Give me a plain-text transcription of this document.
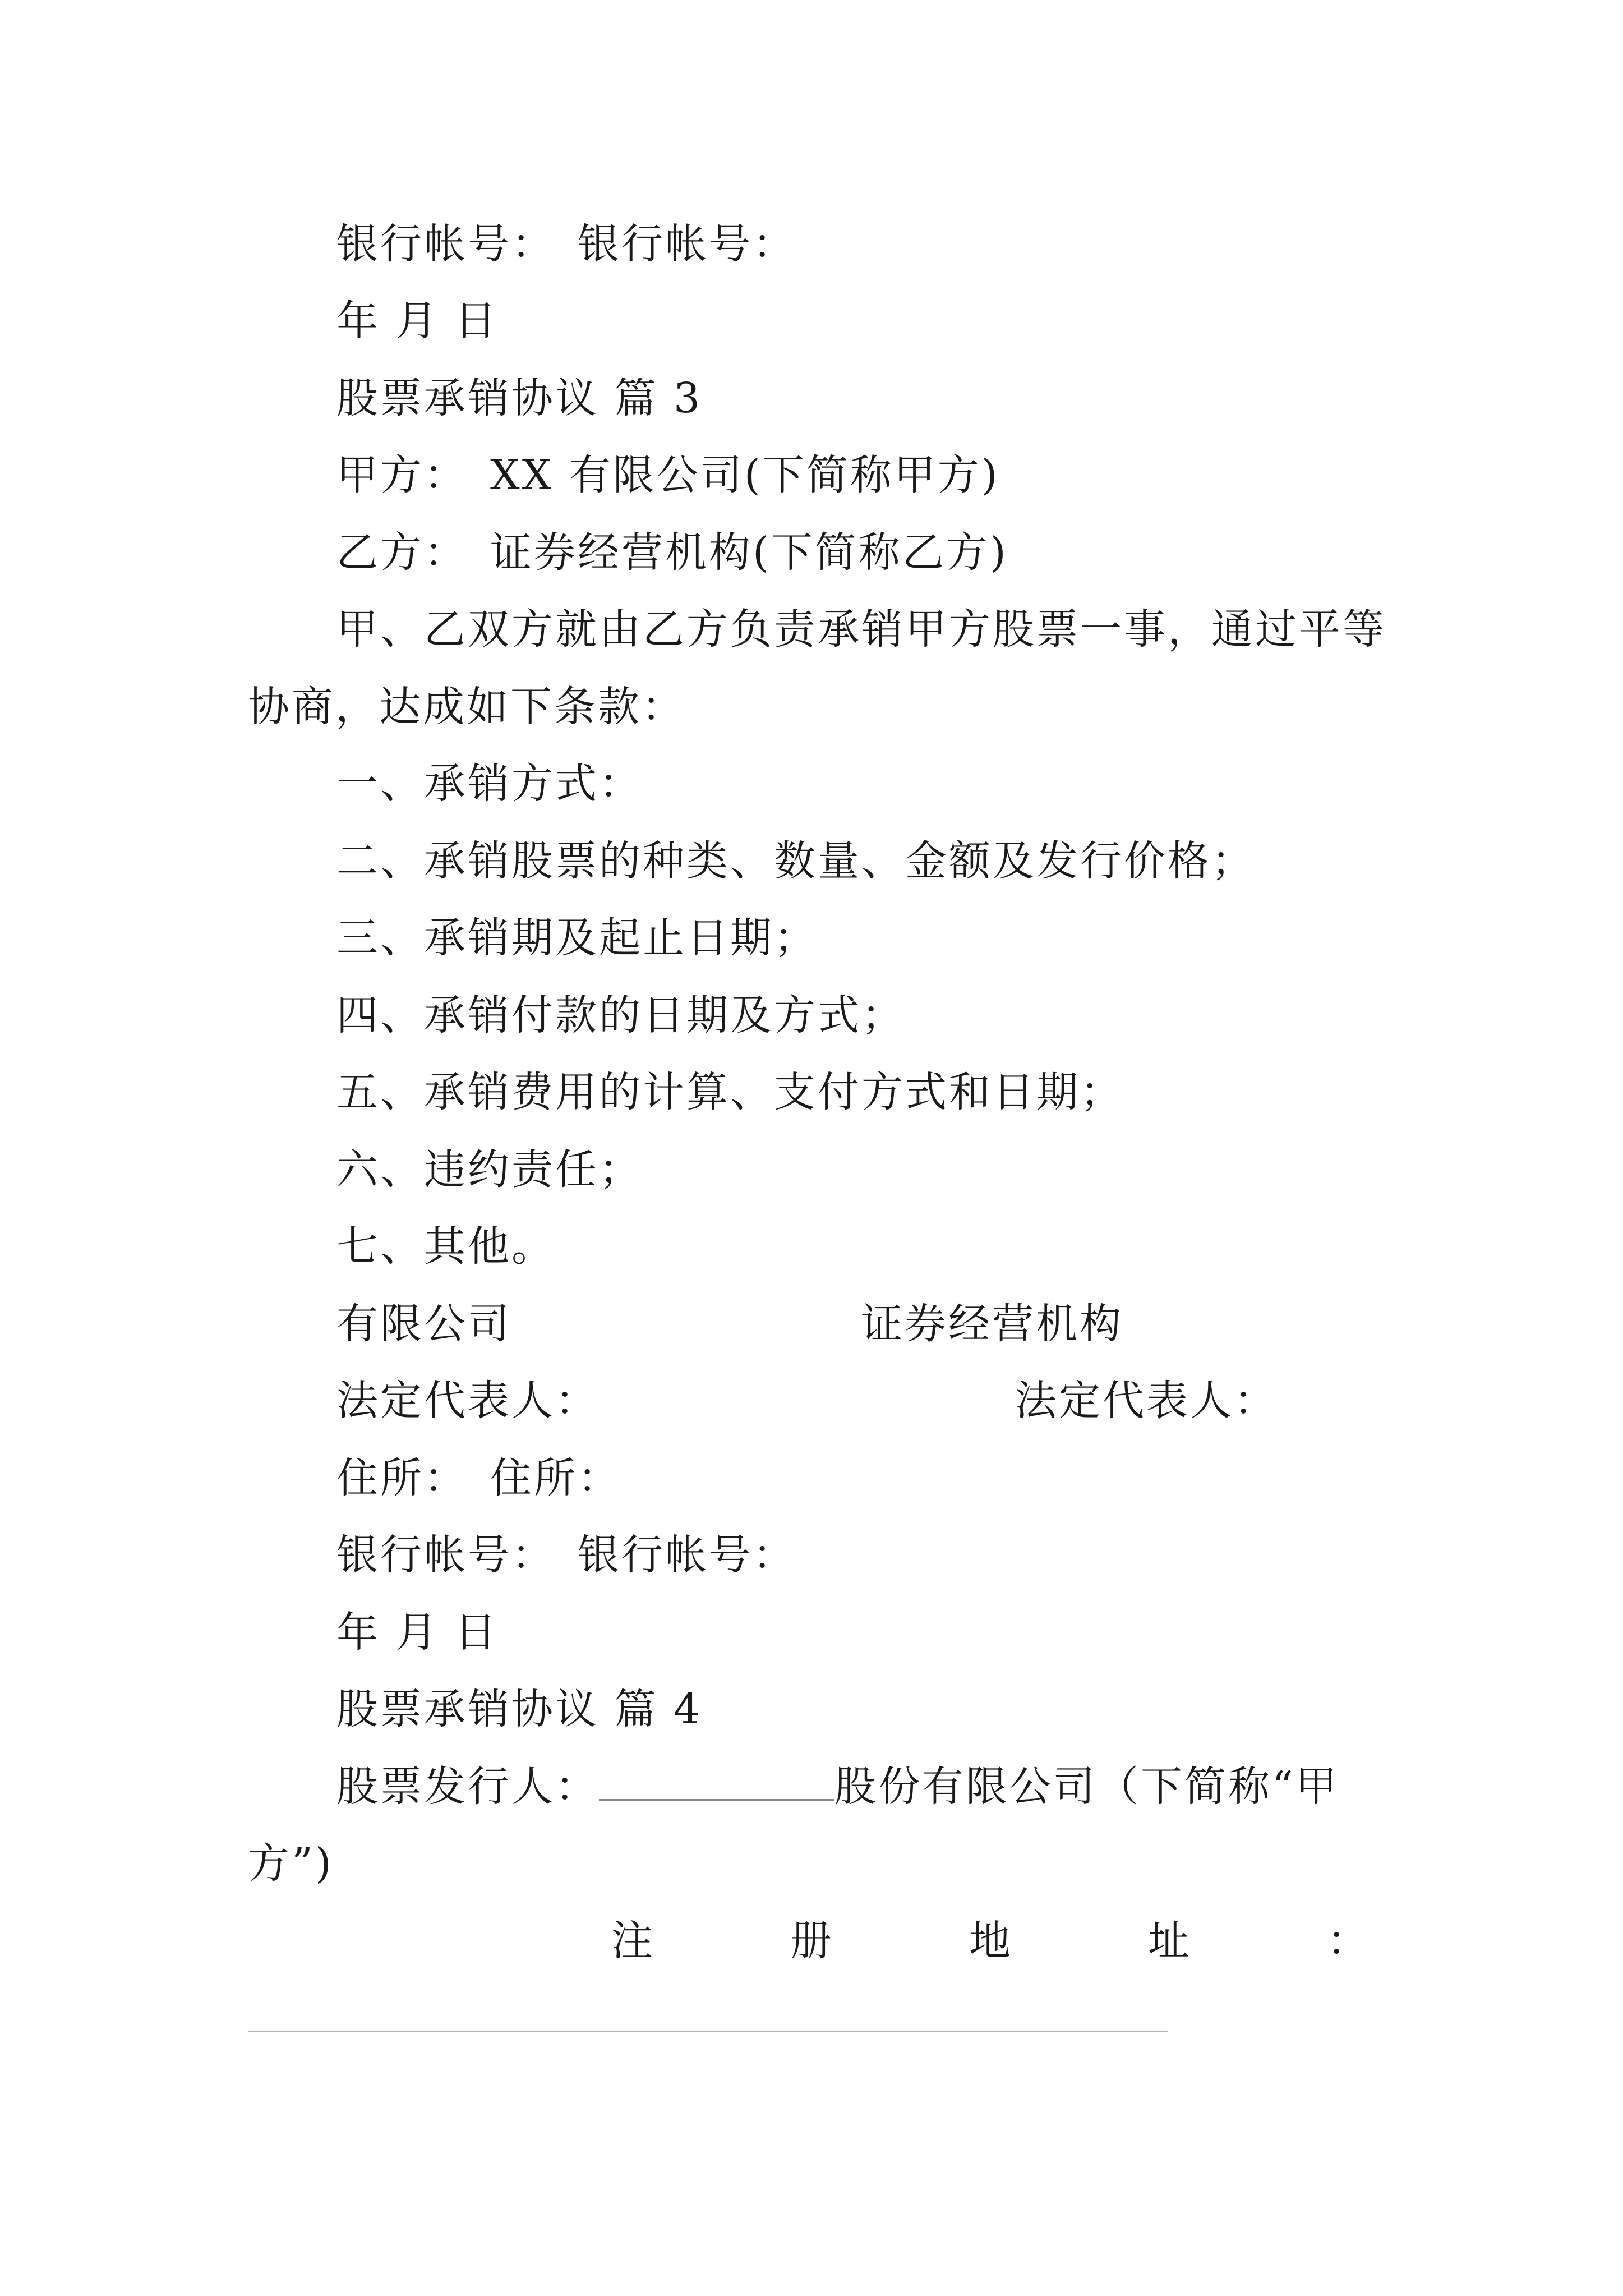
银行帐号： 银行帐号：
年 月 日
股票承销协议 篇 3
甲方： XX 有限公司(下简称甲方)
乙方： 证券经营机构(下简称乙方)
甲、乙双方就由乙方负责承销甲方股票一事，通过平等
协商，达成如下条款：
一、承销方式：
二、承销股票的种类、数量、金额及发行价格；
三、承销期及起止日期；
四、承销付款的日期及方式；
五、承销费用的计算、支付方式和日期；
六、违约责任；
七、其他。
有限公司	证券经营机构
法定代表人：	法定代表人：
住所： 住所：
银行帐号： 银行帐号：
年 月 日
股票承销协议 篇 4
股票发行人：	股份有限公司（下简称“甲
方”)
注	册	地	址	：
